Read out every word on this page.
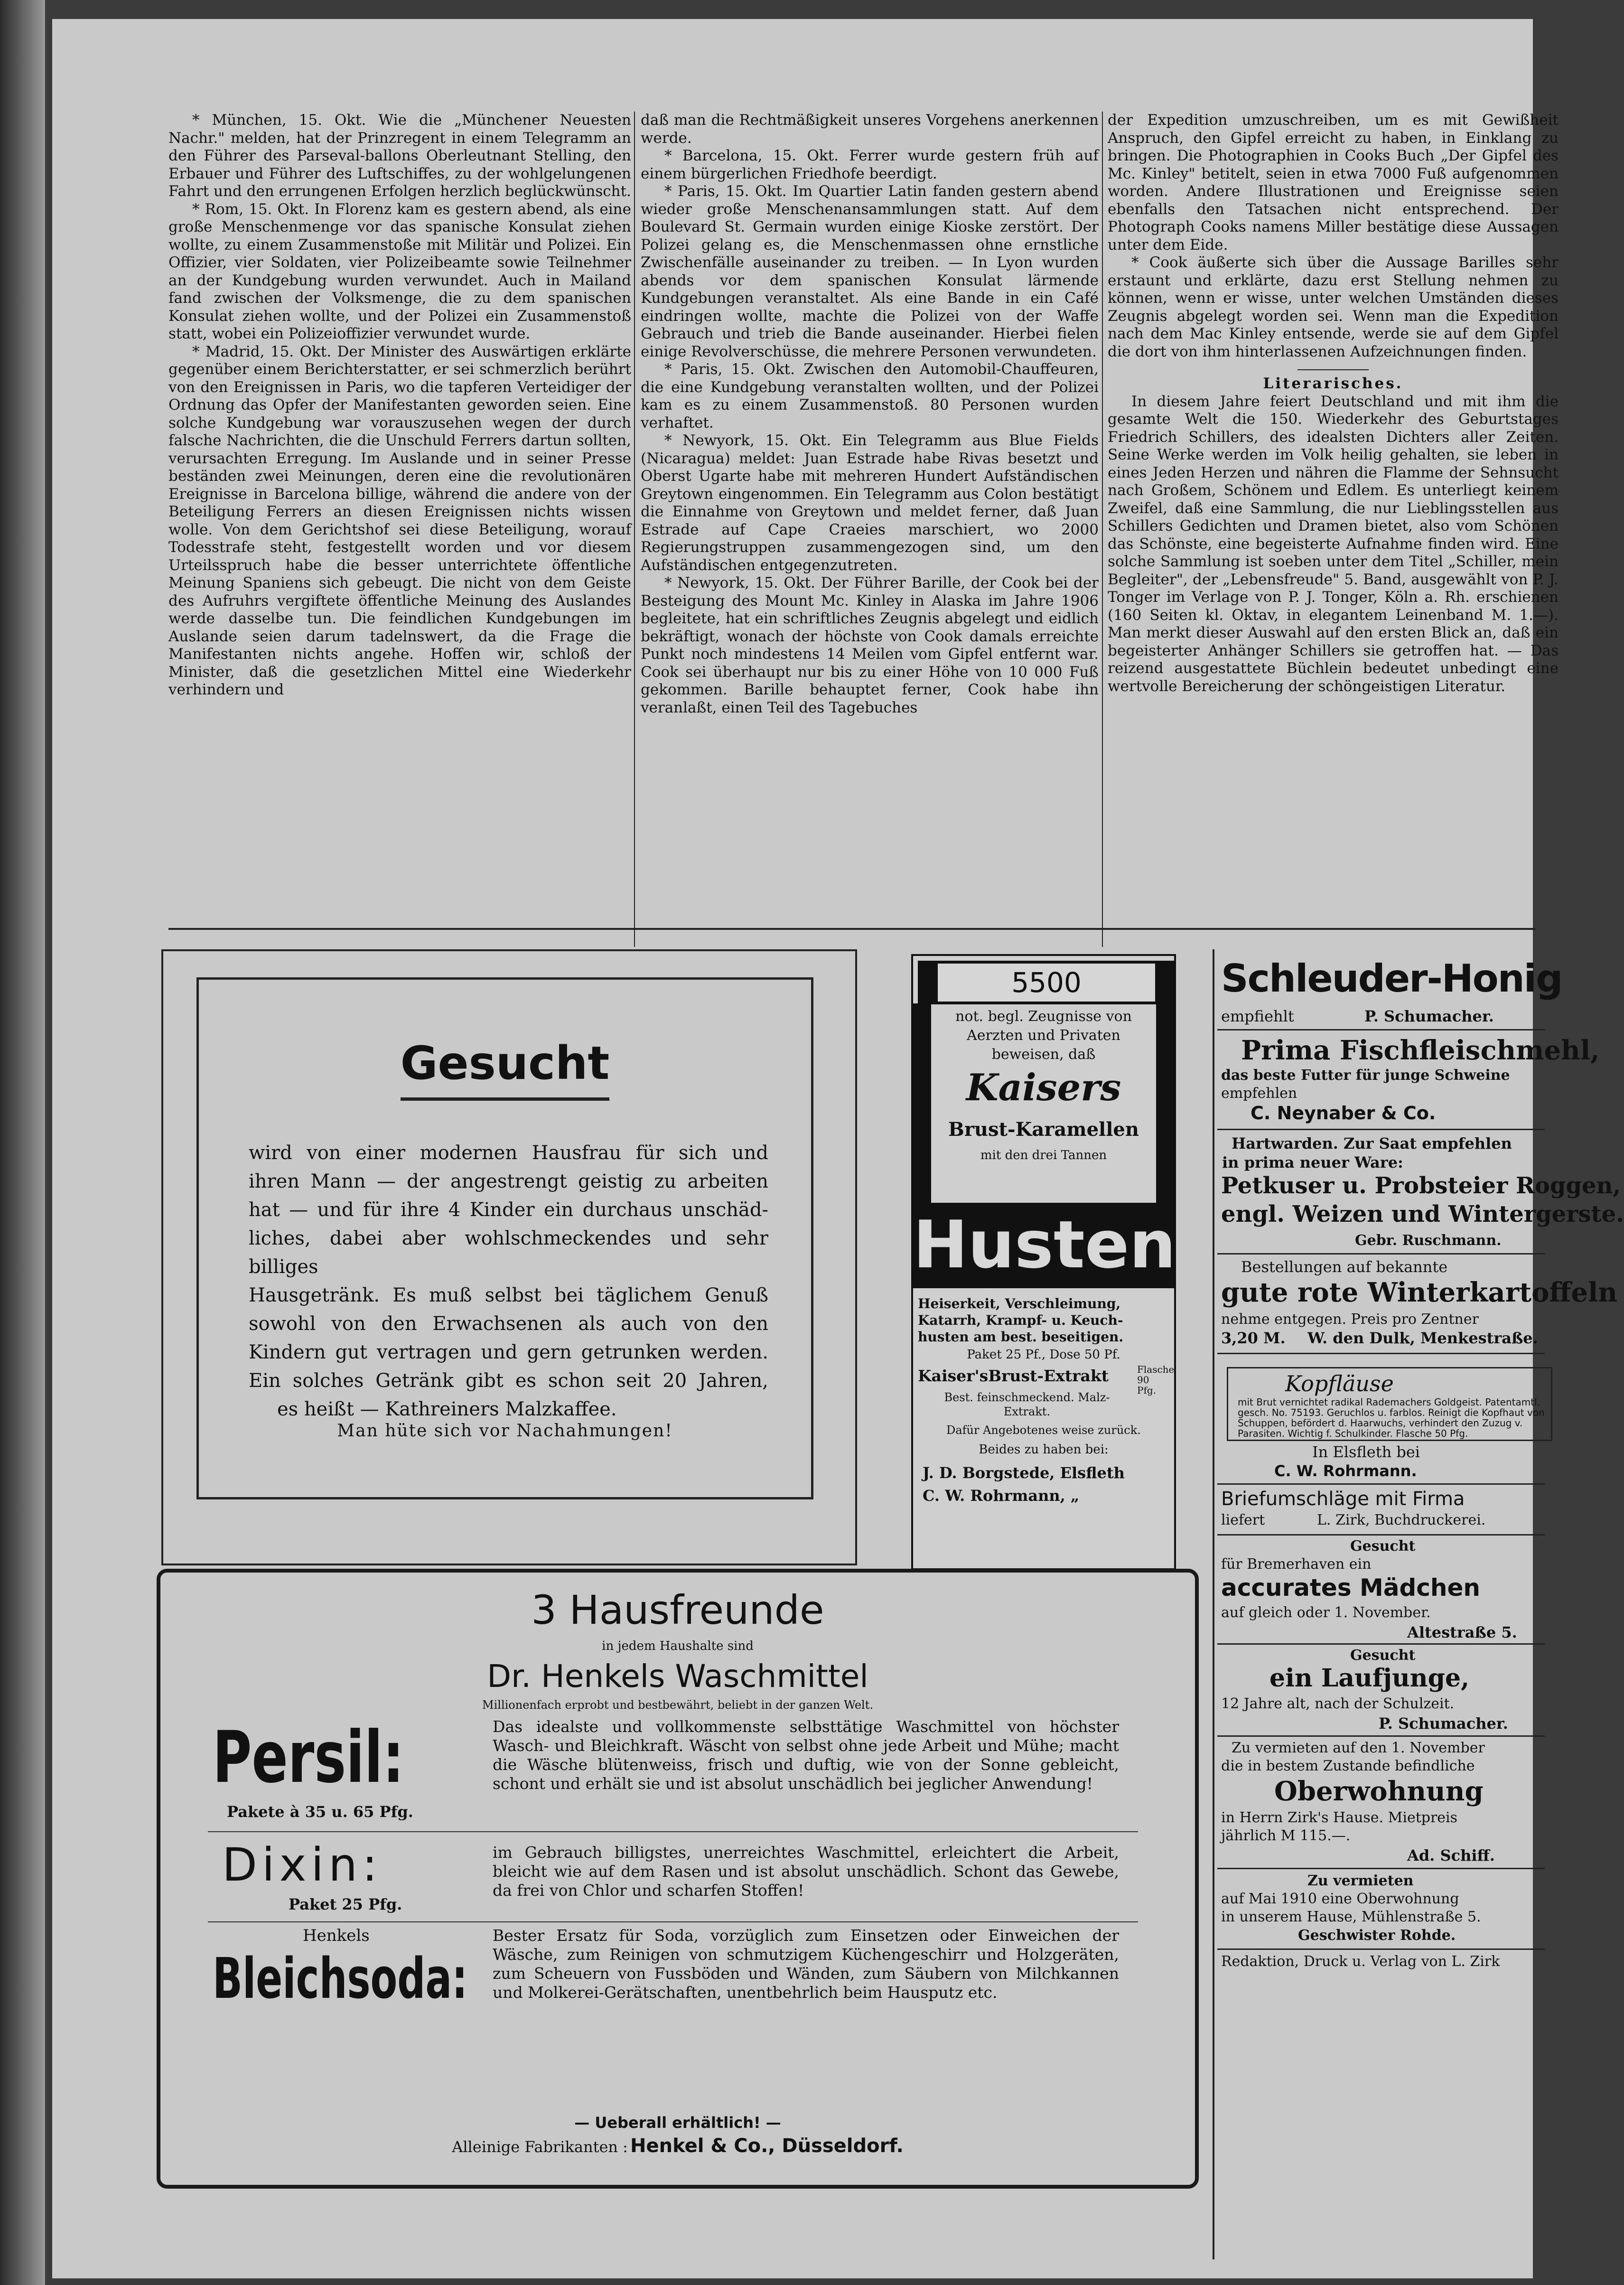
* München, 15. Okt. Wie die „Münchener Neuesten Nachr." melden, hat der Prinzregent in einem Telegramm an den Führer des Parseval-ballons Oberleutnant Stelling, den Erbauer und Führer des Luftschiffes, zu der wohlgelungenen Fahrt und den errungenen Erfolgen herzlich beglückwünscht.

* Rom, 15. Okt. In Florenz kam es gestern abend, als eine große Menschenmenge vor das spanische Konsulat ziehen wollte, zu einem Zusammenstoße mit Militär und Polizei. Ein Offizier, vier Soldaten, vier Polizeibeamte sowie Teilnehmer an der Kundgebung wurden verwundet. Auch in Mailand fand zwischen der Volksmenge, die zu dem spanischen Konsulat ziehen wollte, und der Polizei ein Zusammenstoß statt, wobei ein Polizeioffizier verwundet wurde.

* Madrid, 15. Okt. Der Minister des Auswärtigen erklärte gegenüber einem Berichterstatter, er sei schmerzlich berührt von den Ereignissen in Paris, wo die tapferen Verteidiger der Ordnung das Opfer der Manifestanten geworden seien. Eine solche Kundgebung war vorauszusehen wegen der durch falsche Nachrichten, die die Unschuld Ferrers dartun sollten, verursachten Erregung. Im Auslande und in seiner Presse beständen zwei Meinungen, deren eine die revolutionären Ereignisse in Barcelona billige, während die andere von der Beteiligung Ferrers an diesen Ereignissen nichts wissen wolle. Von dem Gerichtshof sei diese Beteiligung, worauf Todesstrafe steht, festgestellt worden und vor diesem Urteilsspruch habe die besser unterrichtete öffentliche Meinung Spaniens sich gebeugt. Die nicht von dem Geiste des Aufruhrs vergiftete öffentliche Meinung des Auslandes werde dasselbe tun. Die feindlichen Kundgebungen im Auslande seien darum tadelnswert, da die Frage die Manifestanten nichts angehe. Hoffen wir, schloß der Minister, daß die gesetzlichen Mittel eine Wiederkehr verhindern und

daß man die Rechtmäßigkeit unseres Vorgehens anerkennen werde.

* Barcelona, 15. Okt. Ferrer wurde gestern früh auf einem bürgerlichen Friedhofe beerdigt.

* Paris, 15. Okt. Im Quartier Latin fanden gestern abend wieder große Menschenansammlungen statt. Auf dem Boulevard St. Germain wurden einige Kioske zerstört. Der Polizei gelang es, die Menschenmassen ohne ernstliche Zwischenfälle auseinander zu treiben. — In Lyon wurden abends vor dem spanischen Konsulat lärmende Kundgebungen veranstaltet. Als eine Bande in ein Café eindringen wollte, machte die Polizei von der Waffe Gebrauch und trieb die Bande auseinander. Hierbei fielen einige Revolverschüsse, die mehrere Personen verwundeten.

* Paris, 15. Okt. Zwischen den Automobil-Chauffeuren, die eine Kundgebung veranstalten wollten, und der Polizei kam es zu einem Zusammenstoß. 80 Personen wurden verhaftet.

* Newyork, 15. Okt. Ein Telegramm aus Blue Fields (Nicaragua) meldet: Juan Estrade habe Rivas besetzt und Oberst Ugarte habe mit mehreren Hundert Aufständischen Greytown eingenommen. Ein Telegramm aus Colon bestätigt die Einnahme von Greytown und meldet ferner, daß Juan Estrade auf Cape Craeies marschiert, wo 2000 Regierungstruppen zusammengezogen sind, um den Aufständischen entgegenzutreten.

* Newyork, 15. Okt. Der Führer Barille, der Cook bei der Besteigung des Mount Mc. Kinley in Alaska im Jahre 1906 begleitete, hat ein schriftliches Zeugnis abgelegt und eidlich bekräftigt, wonach der höchste von Cook damals erreichte Punkt noch mindestens 14 Meilen vom Gipfel entfernt war. Cook sei überhaupt nur bis zu einer Höhe von 10 000 Fuß gekommen. Barille behauptet ferner, Cook habe ihn veranlaßt, einen Teil des Tagebuches

der Expedition umzuschreiben, um es mit Gewißheit Anspruch, den Gipfel erreicht zu haben, in Einklang zu bringen. Die Photographien in Cooks Buch „Der Gipfel des Mc. Kinley" betitelt, seien in etwa 7000 Fuß aufgenommen worden. Andere Illustrationen und Ereignisse seien ebenfalls den Tatsachen nicht entsprechend. Der Photograph Cooks namens Miller bestätige diese Aussagen unter dem Eide.

* Cook äußerte sich über die Aussage Barilles sehr erstaunt und erklärte, dazu erst Stellung nehmen zu können, wenn er wisse, unter welchen Umständen dieses Zeugnis abgelegt worden sei. Wenn man die Expedition nach dem Mac Kinley entsende, werde sie auf dem Gipfel die dort von ihm hinterlassenen Aufzeichnungen finden.

Literarisches.

In diesem Jahre feiert Deutschland und mit ihm die gesamte Welt die 150. Wiederkehr des Geburtstages Friedrich Schillers, des idealsten Dichters aller Zeiten. Seine Werke werden im Volk heilig gehalten, sie leben in eines Jeden Herzen und nähren die Flamme der Sehnsucht nach Großem, Schönem und Edlem. Es unterliegt keinem Zweifel, daß eine Sammlung, die nur Lieblingsstellen aus Schillers Gedichten und Dramen bietet, also vom Schönen das Schönste, eine begeisterte Aufnahme finden wird. Eine solche Sammlung ist soeben unter dem Titel „Schiller, mein Begleiter", der „Lebensfreude" 5. Band, ausgewählt von P. J. Tonger im Verlage von P. J. Tonger, Köln a. Rh. erschienen (160 Seiten kl. Oktav, in elegantem Leinenband M. 1.—). Man merkt dieser Auswahl auf den ersten Blick an, daß ein begeisterter Anhänger Schillers sie getroffen hat. — Das reizend ausgestattete Büchlein bedeutet unbedingt eine wertvolle Bereicherung der schöngeistigen Literatur.

Gesucht
wird von einer modernen Hausfrau für sich und
ihren Mann — der angestrengt geistig zu arbeiten
hat — und für ihre 4 Kinder ein durchaus unschäd-
liches, dabei aber wohlschmeckendes und sehr billiges
Hausgetränk. Es muß selbst bei täglichem Genuß
sowohl von den Erwachsenen als auch von den
Kindern gut vertragen und gern getrunken werden.
Ein solches Getränk gibt es schon seit 20 Jahren,
es heißt — Kathreiners Malzkaffee.
Man hüte sich vor Nachahmungen!
5500
not. begl. Zeugnisse von
Aerzten und Privaten
beweisen, daß
Kaisers
Brust-Karamellen
mit den drei Tannen
Husten
Heiserkeit, Verschleimung,
Katarrh, Krampf- u. Keuch-
husten am best. beseitigen.
Paket 25 Pf., Dose 50 Pf.
Kaiser'sBrust-Extrakt	Flasche 90 Pfg.
Best. feinschmeckend. Malz-
Extrakt.
Dafür Angebotenes weise zurück.
Beides zu haben bei:
J. D. Borgstede, Elsfleth
C. W. Rohrmann, „
Schleuder-Honig
empfiehlt	P. Schumacher.
Prima Fischfleischmehl,
das beste Futter für junge Schweine
empfehlen
C. Neynaber & Co.
Hartwarden. Zur Saat empfehlen
in prima neuer Ware:
Petkuser u. Probsteier Roggen,
engl. Weizen und Wintergerste.
Gebr. Ruschmann.
Bestellungen auf bekannte
gute rote Winterkartoffeln
nehme entgegen. Preis pro Zentner
3,20 M. W. den Dulk, Menkestraße.
Kopfläuse
mit Brut vernichtet radikal Rademachers Goldgeist. Patentamtl. gesch. No. 75193. Geruchlos u. farblos. Reinigt die Kopfhaut von Schuppen, befördert d. Haarwuchs, verhindert den Zuzug v. Parasiten. Wichtig f. Schulkinder. Flasche 50 Pfg.
In Elsfleth bei
C. W. Rohrmann.
Briefumschläge mit Firma
liefert	L. Zirk, Buchdruckerei.
Gesucht
für Bremerhaven ein
accurates Mädchen
auf gleich oder 1. November.
Altestraße 5.
Gesucht
ein Laufjunge,
12 Jahre alt, nach der Schulzeit.
P. Schumacher.
Zu vermieten auf den 1. November
die in bestem Zustande befindliche
Oberwohnung
in Herrn Zirk's Hause. Mietpreis
jährlich M 115.—.
Ad. Schiff.
Zu vermieten
auf Mai 1910 eine Oberwohnung
in unserem Hause, Mühlenstraße 5.
Geschwister Rohde.
Redaktion, Druck u. Verlag von L. Zirk
3 Hausfreunde
in jedem Haushalte sind
Dr. Henkels Waschmittel
Millionenfach erprobt und bestbewährt, beliebt in der ganzen Welt.
Persil:
Pakete à 35 u. 65 Pfg.
Das idealste und vollkommenste selbsttätige Waschmittel von höchster Wasch- und Bleichkraft. Wäscht von selbst ohne jede Arbeit und Mühe; macht die Wäsche blütenweiss, frisch und duftig, wie von der Sonne gebleicht, schont und erhält sie und ist absolut unschädlich bei jeglicher Anwendung!
Dixin:
Paket 25 Pfg.
im Gebrauch billigstes, unerreichtes Waschmittel, erleichtert die Arbeit, bleicht wie auf dem Rasen und ist absolut unschädlich. Schont das Gewebe, da frei von Chlor und scharfen Stoffen!
Henkels
Bleichsoda:
Bester Ersatz für Soda, vorzüglich zum Einsetzen oder Einweichen der Wäsche, zum Reinigen von schmutzigem Küchengeschirr und Holzgeräten, zum Scheuern von Fussböden und Wänden, zum Säubern von Milchkannen und Molkerei-Gerätschaften, unentbehrlich beim Hausputz etc.
— Ueberall erhältlich! —
Alleinige Fabrikanten : Henkel & Co., Düsseldorf.
